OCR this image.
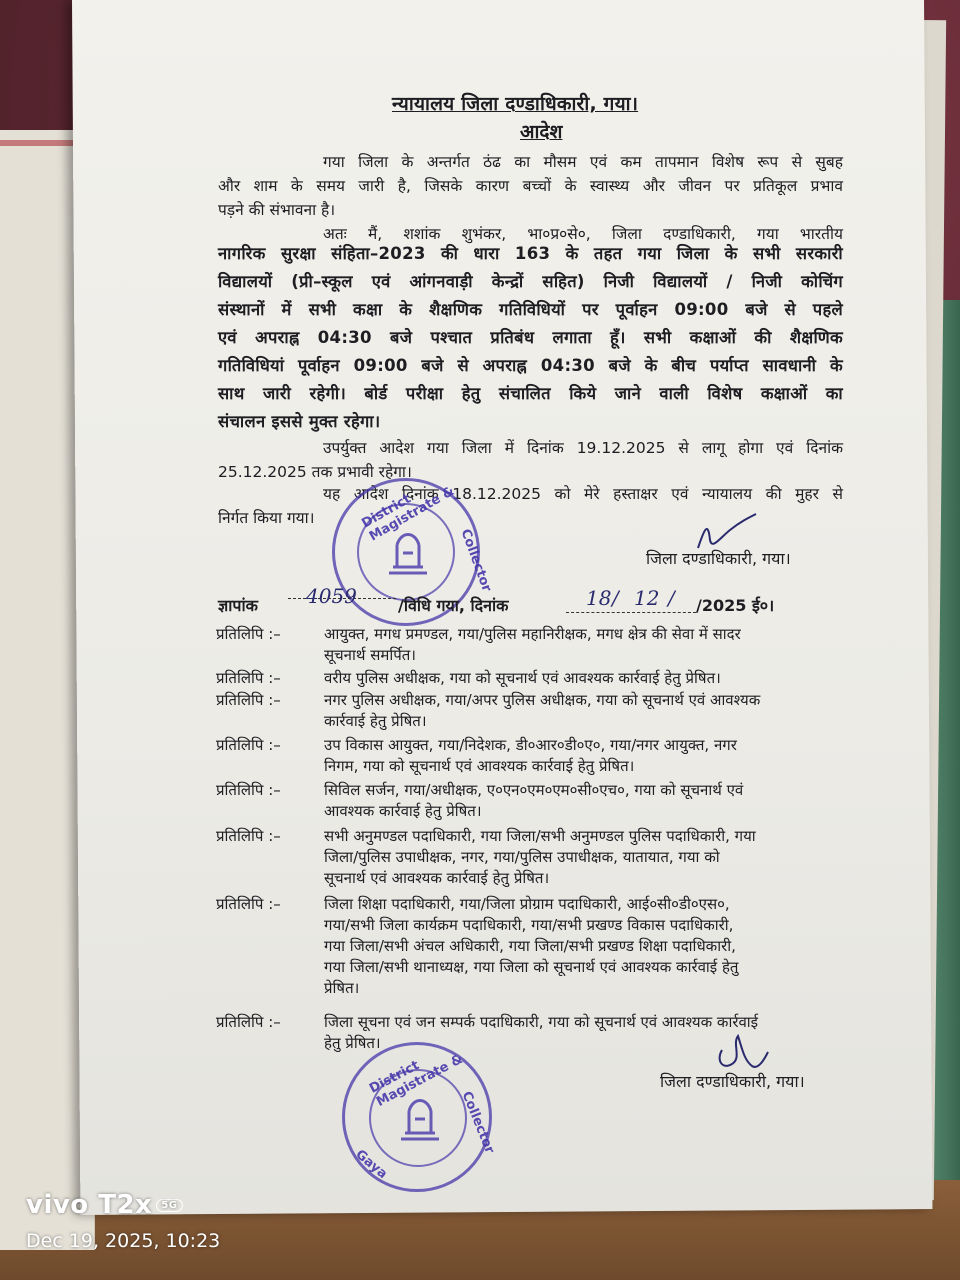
न्यायालय जिला दण्डाधिकारी, गया।
आदेश
गया जिला के अन्तर्गत ठंढ का मौसम एवं कम तापमान विशेष रूप से सुबह
और शाम के समय जारी है, जिसके कारण बच्चों के स्वास्थ्य और जीवन पर प्रतिकूल प्रभाव
पड़ने की संभावना है।
अतः मैं, शशांक शुभंकर, भा०प्र०से०, जिला दण्डाधिकारी, गया भारतीय
नागरिक सुरक्षा संहिता–2023 की धारा 163 के तहत गया जिला के सभी सरकारी
विद्यालयों (प्री–स्कूल एवं आंगनवाड़ी केन्द्रों सहित) निजी विद्यालयों / निजी कोचिंग
संस्थानों में सभी कक्षा के शैक्षणिक गतिविधियों पर पूर्वाहन 09:00 बजे से पहले
एवं अपराह्न 04:30 बजे पश्चात प्रतिबंध लगाता हूँ। सभी कक्षाओं की शैक्षणिक
गतिविधियां पूर्वाहन 09:00 बजे से अपराह्न 04:30 बजे के बीच पर्याप्त सावधानी के
साथ जारी रहेगी। बोर्ड परीक्षा हेतु संचालित किये जाने वाली विशेष कक्षाओं का
संचालन इससे मुक्त रहेगा।
उपर्युक्त आदेश गया जिला में दिनांक 19.12.2025 से लागू होगा एवं दिनांक
25.12.2025 तक प्रभावी रहेगा।
यह आदेश दिनांक 18.12.2025 को मेरे हस्ताक्षर एवं न्यायालय की मुहर से
निर्गत किया गया।
जिला दण्डाधिकारी, गया।
District Magistrate &
Collector
ज्ञापांक 4059	/विधि गया, दिनांक	18 / 12 / /2025 ई०।
प्रतिलिपि :–	आयुक्त, मगध प्रमण्डल, गया/पुलिस महानिरीक्षक, मगध क्षेत्र की सेवा में सादर
सूचनार्थ समर्पित।
प्रतिलिपि :–	वरीय पुलिस अधीक्षक, गया को सूचनार्थ एवं आवश्यक कार्रवाई हेतु प्रेषित।
प्रतिलिपि :–	नगर पुलिस अधीक्षक, गया/अपर पुलिस अधीक्षक, गया को सूचनार्थ एवं आवश्यक
कार्रवाई हेतु प्रेषित।
प्रतिलिपि :–	उप विकास आयुक्त, गया/निदेशक, डी०आर०डी०ए०, गया/नगर आयुक्त, नगर
निगम, गया को सूचनार्थ एवं आवश्यक कार्रवाई हेतु प्रेषित।
प्रतिलिपि :–	सिविल सर्जन, गया/अधीक्षक, ए०एन०एम०एम०सी०एच०, गया को सूचनार्थ एवं
आवश्यक कार्रवाई हेतु प्रेषित।
प्रतिलिपि :–	सभी अनुमण्डल पदाधिकारी, गया जिला/सभी अनुमण्डल पुलिस पदाधिकारी, गया
जिला/पुलिस उपाधीक्षक, नगर, गया/पुलिस उपाधीक्षक, यातायात, गया को
सूचनार्थ एवं आवश्यक कार्रवाई हेतु प्रेषित।
प्रतिलिपि :–	जिला शिक्षा पदाधिकारी, गया/जिला प्रोग्राम पदाधिकारी, आई०सी०डी०एस०,
गया/सभी जिला कार्यक्रम पदाधिकारी, गया/सभी प्रखण्ड विकास पदाधिकारी,
गया जिला/सभी अंचल अधिकारी, गया जिला/सभी प्रखण्ड शिक्षा पदाधिकारी,
गया जिला/सभी थानाध्यक्ष, गया जिला को सूचनार्थ एवं आवश्यक कार्रवाई हेतु
प्रेषित।
प्रतिलिपि :–	जिला सूचना एवं जन सम्पर्क पदाधिकारी, गया को सूचनार्थ एवं आवश्यक कार्रवाई
हेतु प्रेषित।
जिला दण्डाधिकारी, गया।
District Magistrate &
Collector
Gaya
vivo T2x 5G
Dec 19, 2025, 10:23
